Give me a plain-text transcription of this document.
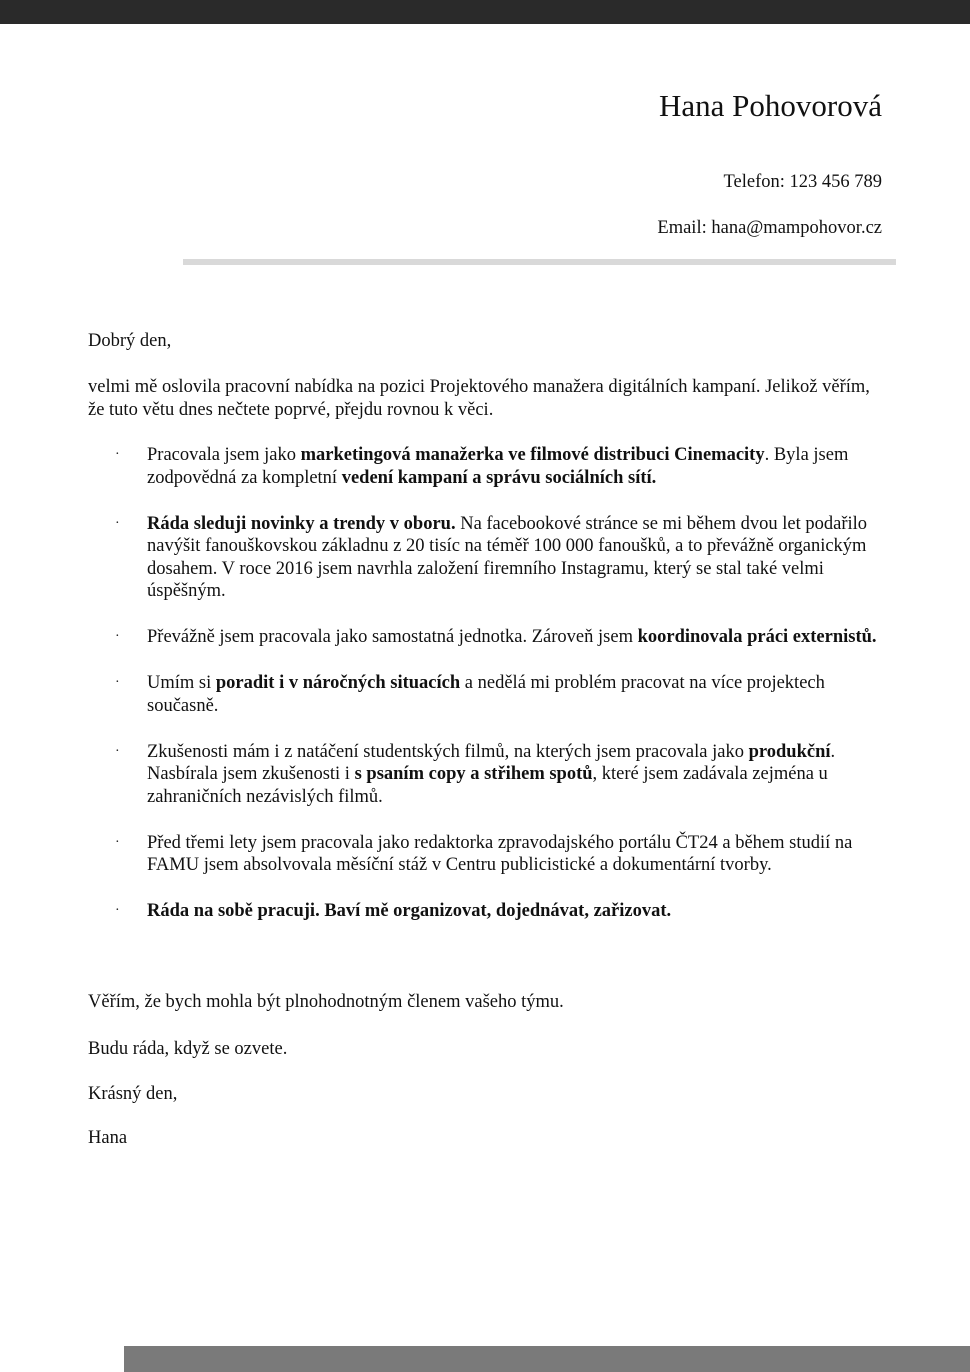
Hana Pohovorová
Telefon: 123 456 789
Email: hana@mampohovor.cz
Dobrý den,
velmi mě oslovila pracovní nabídka na pozici Projektového manažera digitálních kampaní. Jelikož věřím, že tuto větu dnes nečtete poprvé, přejdu rovnou k věci.
· Pracovala jsem jako marketingová manažerka ve filmové distribuci Cinemacity. Byla jsem zodpovědná za kompletní vedení kampaní a správu sociálních sítí.
· Ráda sleduji novinky a trendy v oboru. Na facebookové stránce se mi během dvou let podařilo navýšit fanouškovskou základnu z 20 tisíc na téměř 100 000 fanoušků, a to převážně organickým dosahem. V roce 2016 jsem navrhla založení firemního Instagramu, který se stal také velmi úspěšným.
· Převážně jsem pracovala jako samostatná jednotka. Zároveň jsem koordinovala práci externistů.
· Umím si poradit i v náročných situacích a nedělá mi problém pracovat na více projektech současně.
· Zkušenosti mám i z natáčení studentských filmů, na kterých jsem pracovala jako produkční. Nasbírala jsem zkušenosti i s psaním copy a střihem spotů, které jsem zadávala zejména u zahraničních nezávislých filmů.
· Před třemi lety jsem pracovala jako redaktorka zpravodajského portálu ČT24 a během studií na FAMU jsem absolvovala měsíční stáž v Centru publicistické a dokumentární tvorby.
· Ráda na sobě pracuji. Baví mě organizovat, dojednávat, zařizovat.
Věřím, že bych mohla být plnohodnotným členem vašeho týmu.
Budu ráda, když se ozvete.
Krásný den,
Hana
